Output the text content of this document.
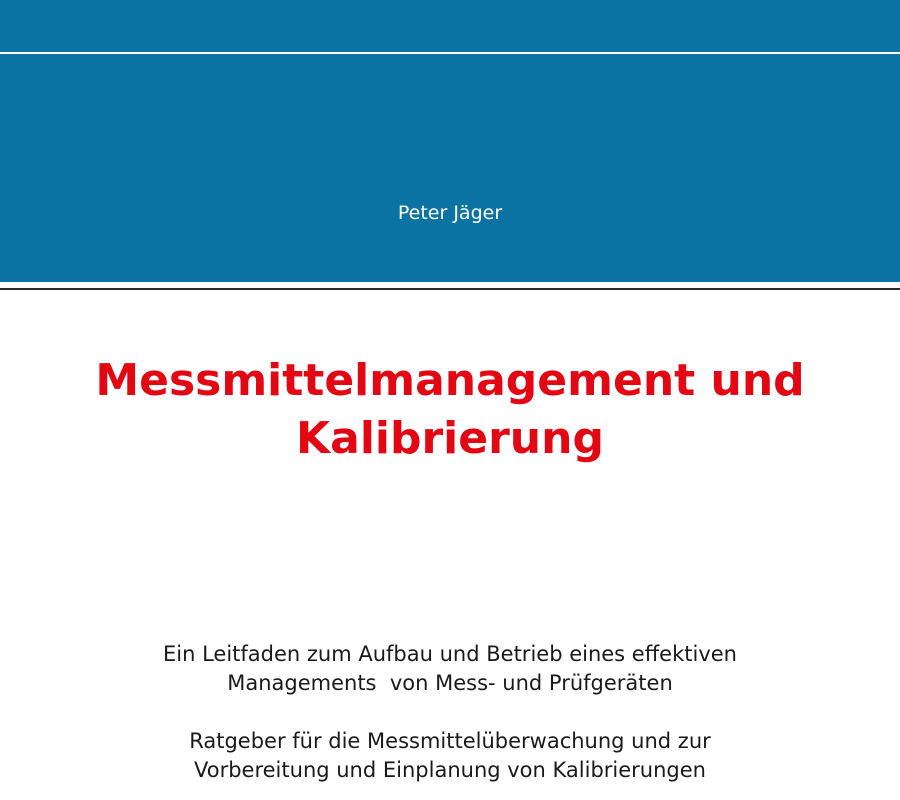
Peter Jäger
Messmittelmanagement und
Kalibrierung
Ein Leitfaden zum Aufbau und Betrieb eines effektiven
Managements  von Mess- und Prüfgeräten
Ratgeber für die Messmittelüberwachung und zur
Vorbereitung und Einplanung von Kalibrierungen
